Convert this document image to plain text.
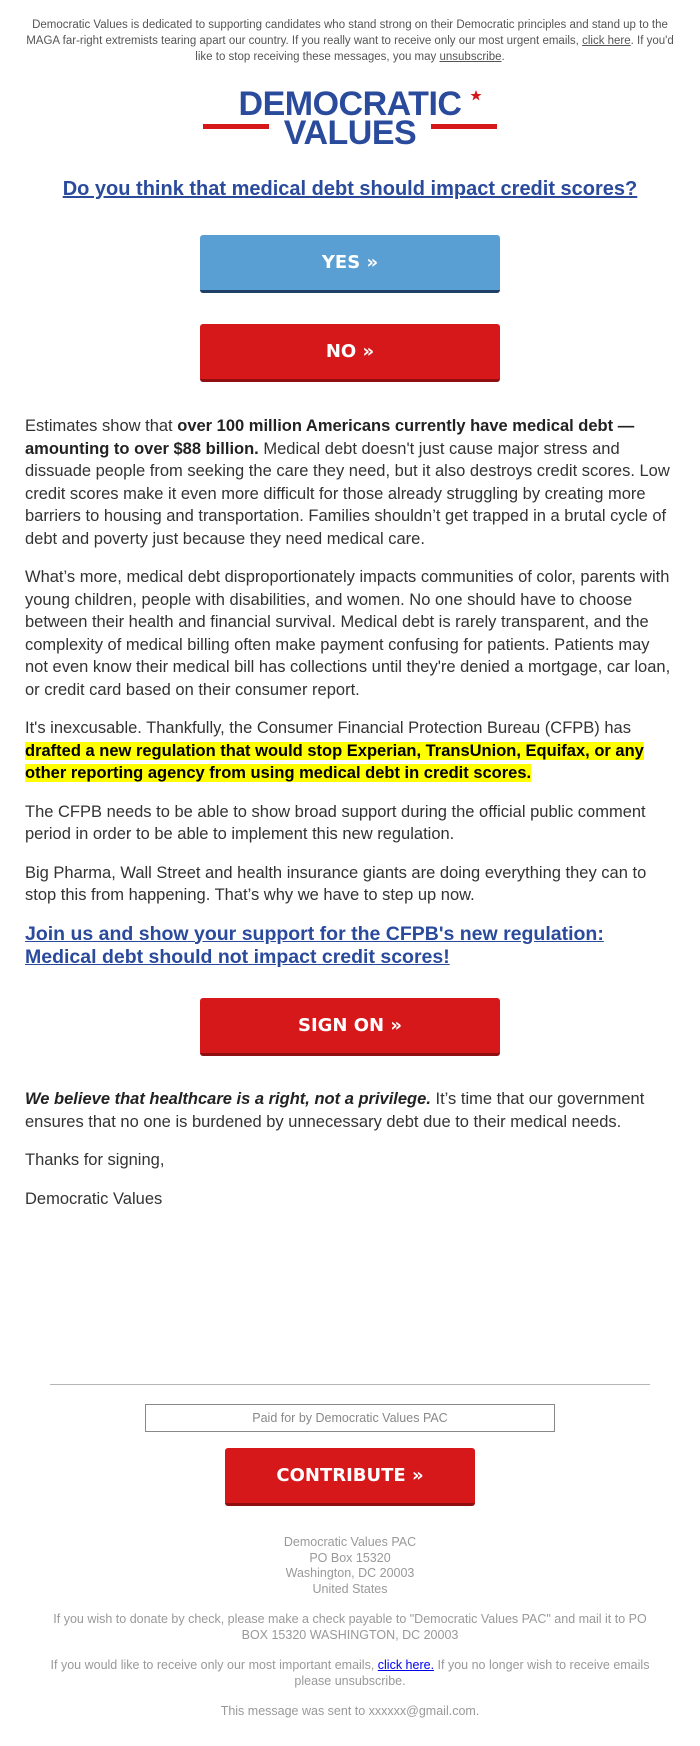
Democratic Values is dedicated to supporting candidates who stand strong on their Democratic principles and stand up to the MAGA far-right extremists tearing apart our country. If you really want to receive only our most urgent emails, click here. If you'd like to stop receiving these messages, you may unsubscribe.
DEMOCRATIC
VALUES
Do you think that medical debt should impact credit scores?
YES »
NO »

Estimates show that over 100 million Americans currently have medical debt — amounting to over $88 billion. Medical debt doesn't just cause major stress and dissuade people from seeking the care they need, but it also destroys credit scores. Low credit scores make it even more difficult for those already struggling by creating more barriers to housing and transportation. Families shouldn’t get trapped in a brutal cycle of debt and poverty just because they need medical care.

What’s more, medical debt disproportionately impacts communities of color, parents with young children, people with disabilities, and women. No one should have to choose between their health and financial survival. Medical debt is rarely transparent, and the complexity of medical billing often make payment confusing for patients. Patients may not even know their medical bill has collections until they're denied a mortgage, car loan, or credit card based on their consumer report.

It's inexcusable. Thankfully, the Consumer Financial Protection Bureau (CFPB) has drafted a new regulation that would stop Experian, TransUnion, Equifax, or any other reporting agency from using medical debt in credit scores.

The CFPB needs to be able to show broad support during the official public comment period in order to be able to implement this new regulation.

Big Pharma, Wall Street and health insurance giants are doing everything they can to stop this from happening. That’s why we have to step up now.

Join us and show your support for the CFPB's new regulation: Medical debt should not impact credit scores!

SIGN ON »

We believe that healthcare is a right, not a privilege. It’s time that our government ensures that no one is burdened by unnecessary debt due to their medical needs.

Thanks for signing,

Democratic Values

Paid for by Democratic Values PAC
CONTRIBUTE »

Democratic Values PAC
PO Box 15320
Washington, DC 20003
United States

If you wish to donate by check, please make a check payable to "Democratic Values PAC" and mail it to PO BOX 15320 WASHINGTON, DC 20003

If you would like to receive only our most important emails, click here. If you no longer wish to receive emails please unsubscribe.

This message was sent to xxxxxx@gmail.com.
